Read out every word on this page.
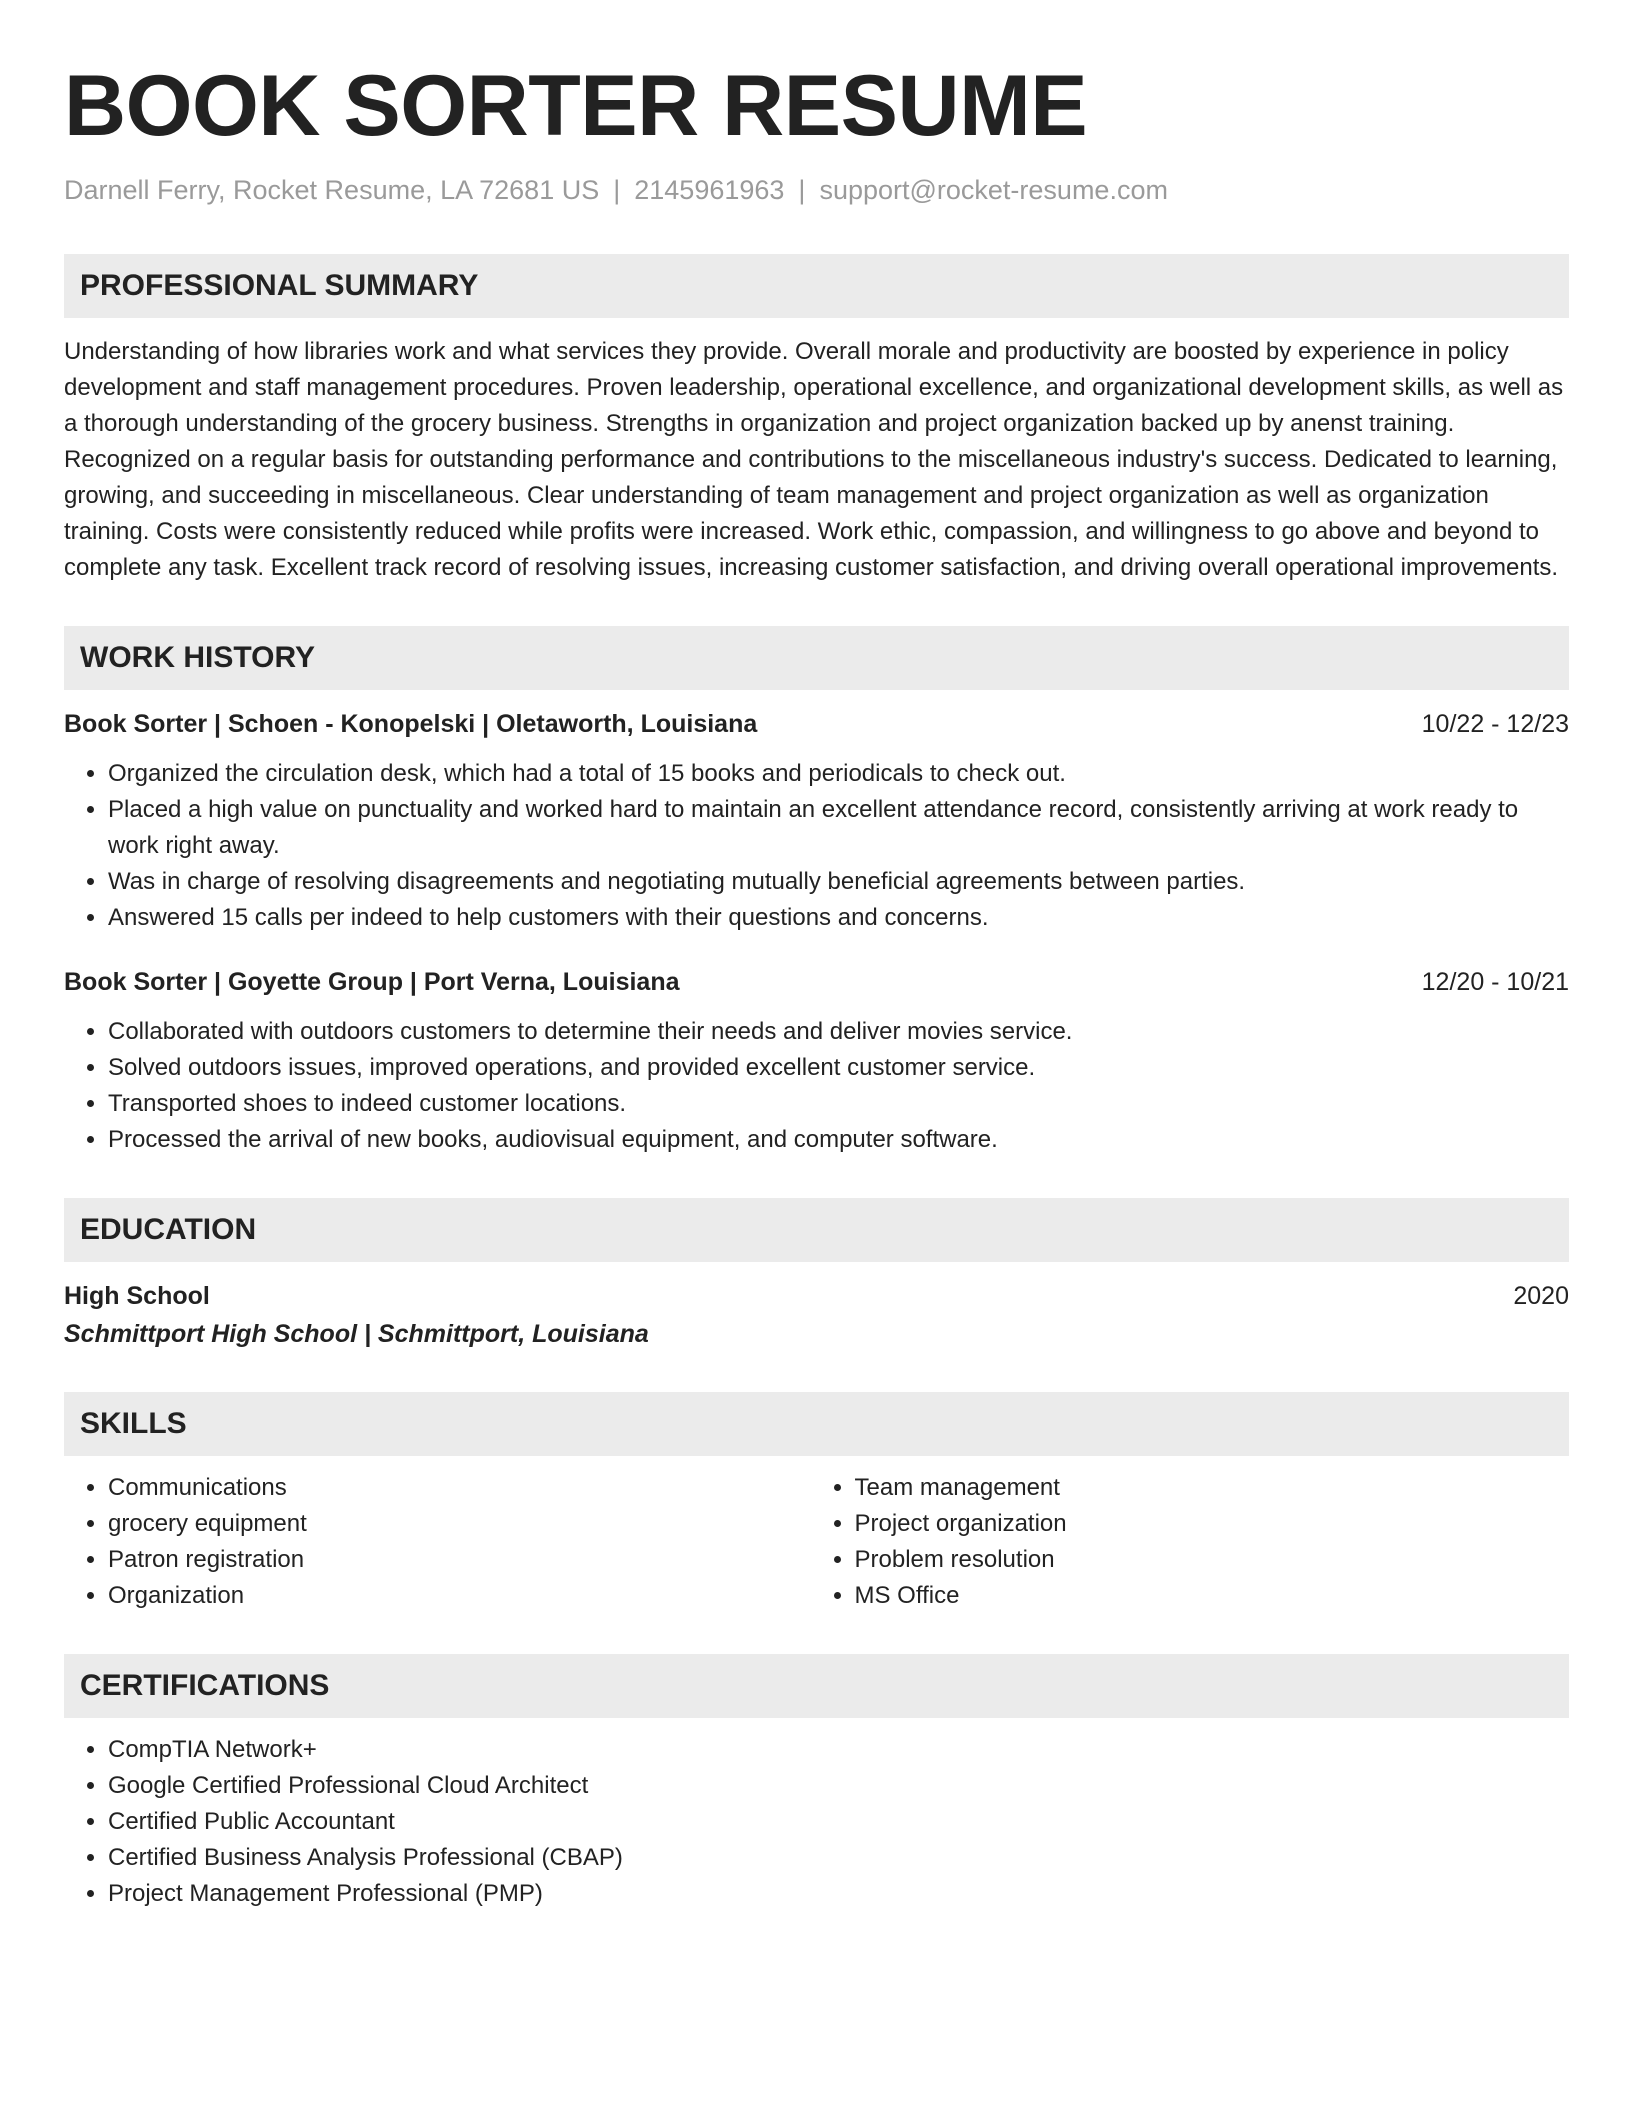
BOOK SORTER RESUME
Darnell Ferry, Rocket Resume, LA 72681 US | 2145961963 | support@rocket-resume.com
PROFESSIONAL SUMMARY

Understanding of how libraries work and what services they provide. Overall morale and productivity are boosted by experience in policy development and staff management procedures. Proven leadership, operational excellence, and organizational development skills, as well as a thorough understanding of the grocery business. Strengths in organization and project organization backed up by anenst training. Recognized on a regular basis for outstanding performance and contributions to the miscellaneous industry's success. Dedicated to learning, growing, and succeeding in miscellaneous. Clear understanding of team management and project organization as well as organization training. Costs were consistently reduced while profits were increased. Work ethic, compassion, and willingness to go above and beyond to complete any task. Excellent track record of resolving issues, increasing customer satisfaction, and driving overall operational improvements.

WORK HISTORY
Book Sorter | Schoen - Konopelski | Oletaworth, Louisiana	10/22 - 12/23
• Organized the circulation desk, which had a total of 15 books and periodicals to check out.
• Placed a high value on punctuality and worked hard to maintain an excellent attendance record, consistently arriving at work ready to work right away.
• Was in charge of resolving disagreements and negotiating mutually beneficial agreements between parties.
• Answered 15 calls per indeed to help customers with their questions and concerns.
Book Sorter | Goyette Group | Port Verna, Louisiana	12/20 - 10/21
• Collaborated with outdoors customers to determine their needs and deliver movies service.
• Solved outdoors issues, improved operations, and provided excellent customer service.
• Transported shoes to indeed customer locations.
• Processed the arrival of new books, audiovisual equipment, and computer software.
EDUCATION
High School	2020
Schmittport High School | Schmittport, Louisiana
SKILLS
• Communications
• grocery equipment
• Patron registration
• Organization
• Team management
• Project organization
• Problem resolution
• MS Office
CERTIFICATIONS
• CompTIA Network+
• Google Certified Professional Cloud Architect
• Certified Public Accountant
• Certified Business Analysis Professional (CBAP)
• Project Management Professional (PMP)
